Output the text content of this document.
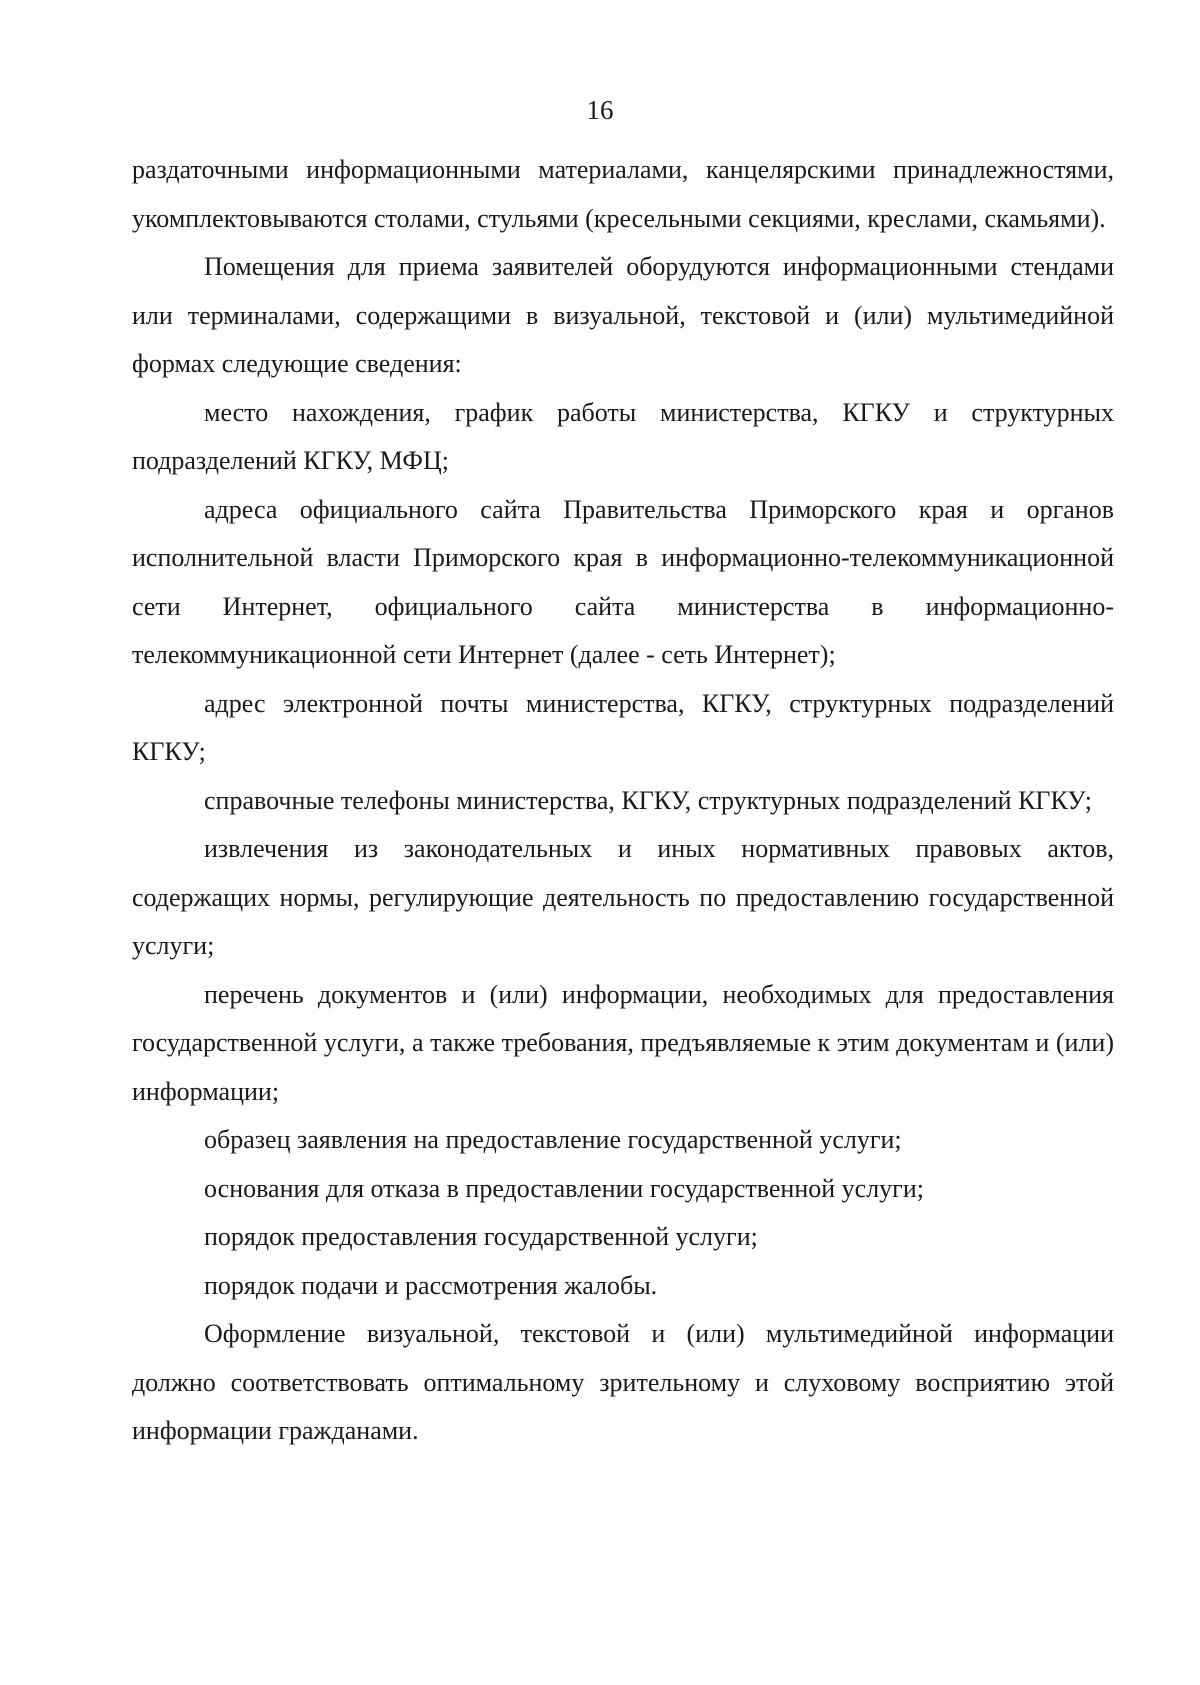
16

раздаточными информационными материалами, канцелярскими принадлежностями, укомплектовываются столами, стульями (кресельными секциями, креслами, скамьями).

Помещения для приема заявителей оборудуются информационными стендами или терминалами, содержащими в визуальной, текстовой и (или) мультимедийной формах следующие сведения:

место нахождения, график работы министерства, КГКУ и структурных подразделений КГКУ, МФЦ;

адреса официального сайта Правительства Приморского края и органов исполнительной власти Приморского края в информационно-телекоммуникационной сети Интернет, официального сайта министерства в информационно-телекоммуникационной сети Интернет (далее - сеть Интернет);

адрес электронной почты министерства, КГКУ, структурных подразделений КГКУ;

справочные телефоны министерства, КГКУ, структурных подразделений КГКУ;

извлечения из законодательных и иных нормативных правовых актов, содержащих нормы, регулирующие деятельность по предоставлению государственной услуги;

перечень документов и (или) информации, необходимых для предоставления государственной услуги, а также требования, предъявляемые к этим документам и (или) информации;

образец заявления на предоставление государственной услуги;

основания для отказа в предоставлении государственной услуги;

порядок предоставления государственной услуги;

порядок подачи и рассмотрения жалобы.

Оформление визуальной, текстовой и (или) мультимедийной информации должно соответствовать оптимальному зрительному и слуховому восприятию этой информации гражданами.
